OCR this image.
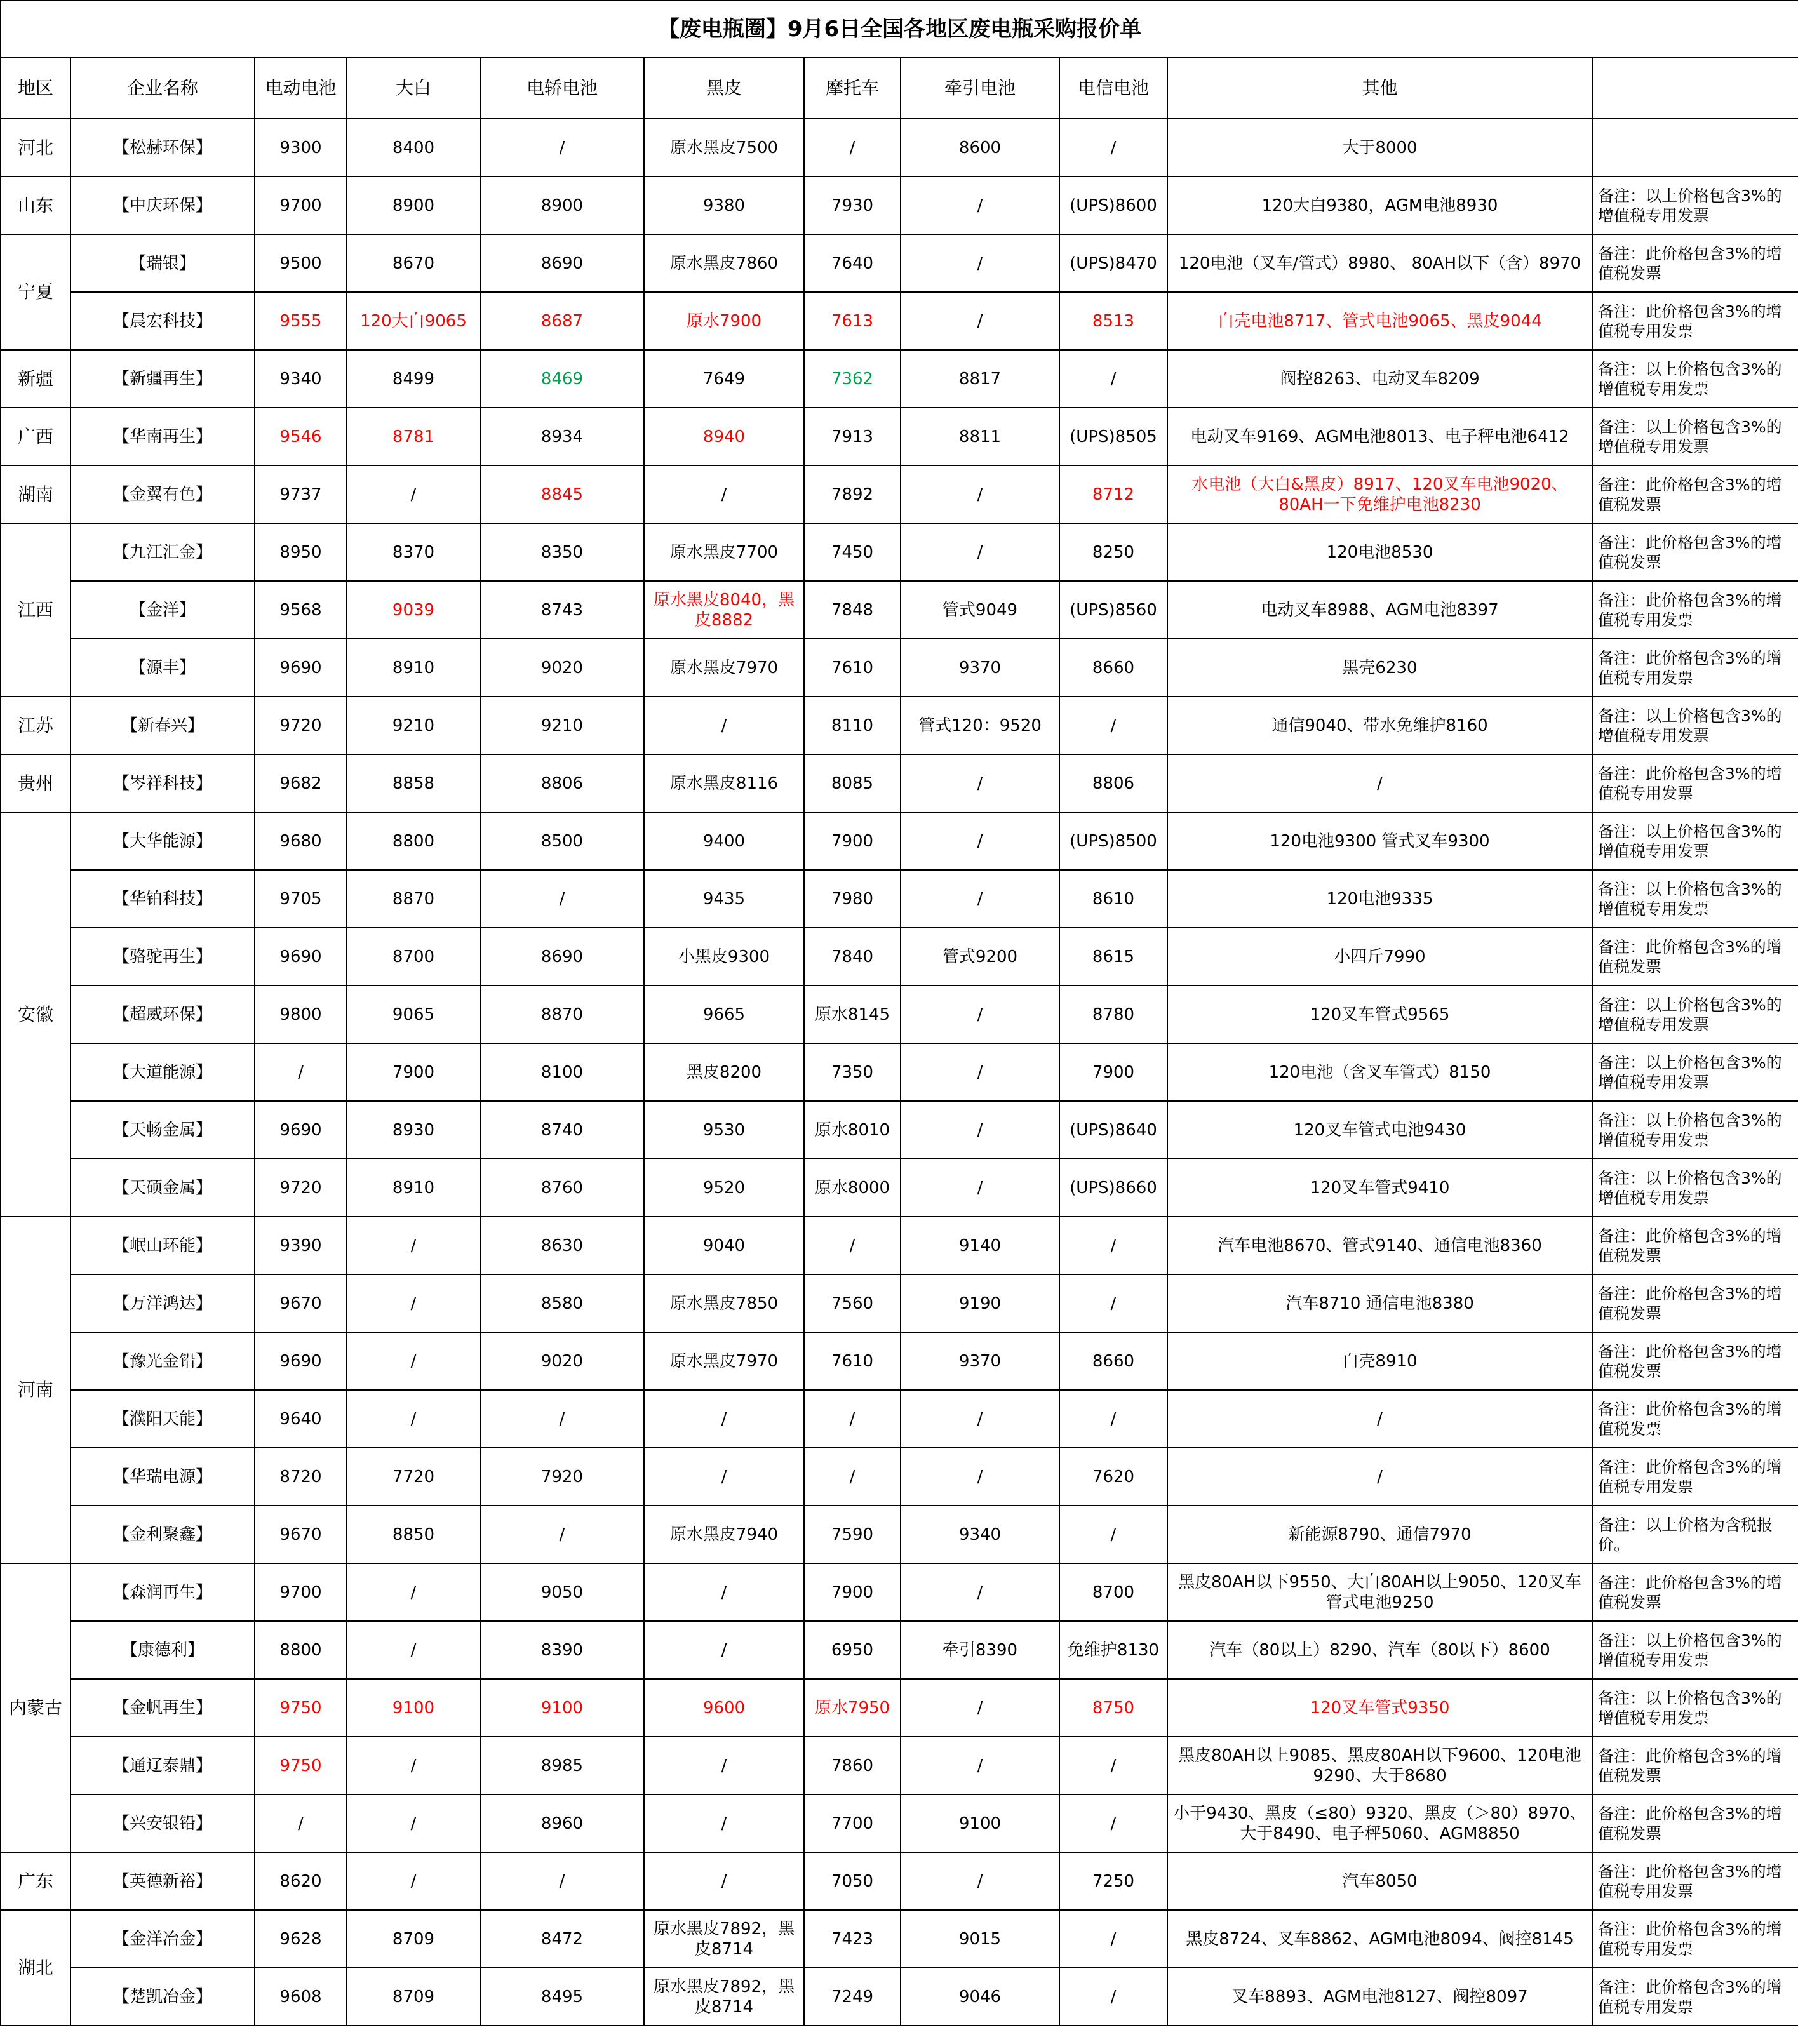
【废电瓶圈】9月6日全国各地区废电瓶采购报价单										
地区	企业名称	电动电池	大白	电轿电池	黑皮	摩托车	牵引电池	电信电池	其他	
河北	【松赫环保】	9300	8400	/	原水黑皮7500	/	8600	/	大于8000	
山东	【中庆环保】	9700	8900	8900	9380	7930	/	(UPS)8600	120大白9380，AGM电池8930	备注：以上价格包含3%的增值税专用发票
宁夏	【瑞银】	9500	8670	8690	原水黑皮7860	7640	/	(UPS)8470	120电池（叉车/管式）8980、 80AH以下（含）8970	备注：此价格包含3%的增值税发票
	【晨宏科技】	9555	120大白9065	8687	原水7900	7613	/	8513	白壳电池8717、管式电池9065、黑皮9044	备注：此价格包含3%的增值税专用发票
新疆	【新疆再生】	9340	8499	8469	7649	7362	8817	/	阀控8263、电动叉车8209	备注：以上价格包含3%的增值税专用发票
广西	【华南再生】	9546	8781	8934	8940	7913	8811	(UPS)8505	电动叉车9169、AGM电池8013、电子秤电池6412	备注：以上价格包含3%的增值税专用发票
湖南	【金翼有色】	9737	/	8845	/	7892	/	8712	水电池（大白&黑皮）8917、120叉车电池9020、80AH一下免维护电池8230	备注：此价格包含3%的增值税发票
江西	【九江汇金】	8950	8370	8350	原水黑皮7700	7450	/	8250	120电池8530	备注：此价格包含3%的增值税发票
	【金洋】	9568	9039	8743	原水黑皮8040，黑皮8882	7848	管式9049	(UPS)8560	电动叉车8988、AGM电池8397	备注：此价格包含3%的增值税专用发票
	【源丰】	9690	8910	9020	原水黑皮7970	7610	9370	8660	黑壳6230	备注：此价格包含3%的增值税专用发票
江苏	【新春兴】	9720	9210	9210	/	8110	管式120：9520	/	通信9040、带水免维护8160	备注：以上价格包含3%的增值税专用发票
贵州	【岑祥科技】	9682	8858	8806	原水黑皮8116	8085	/	8806	/	备注：此价格包含3%的增值税专用发票
安徽	【大华能源】	9680	8800	8500	9400	7900	/	(UPS)8500	120电池9300 管式叉车9300	备注：以上价格包含3%的增值税专用发票
	【华铂科技】	9705	8870	/	9435	7980	/	8610	120电池9335	备注：以上价格包含3%的增值税专用发票
	【骆驼再生】	9690	8700	8690	小黑皮9300	7840	管式9200	8615	小四斤7990	备注：此价格包含3%的增值税发票
	【超威环保】	9800	9065	8870	9665	原水8145	/	8780	120叉车管式9565	备注：以上价格包含3%的增值税专用发票
	【大道能源】	/	7900	8100	黑皮8200	7350	/	7900	120电池（含叉车管式）8150	备注：以上价格包含3%的增值税专用发票
	【天畅金属】	9690	8930	8740	9530	原水8010	/	(UPS)8640	120叉车管式电池9430	备注：以上价格包含3%的增值税专用发票
	【天硕金属】	9720	8910	8760	9520	原水8000	/	(UPS)8660	120叉车管式9410	备注：以上价格包含3%的增值税专用发票
河南	【岷山环能】	9390	/	8630	9040	/	9140	/	汽车电池8670、管式9140、通信电池8360	备注：此价格包含3%的增值税发票
	【万洋鸿达】	9670	/	8580	原水黑皮7850	7560	9190	/	汽车8710 通信电池8380	备注：此价格包含3%的增值税发票
	【豫光金铅】	9690	/	9020	原水黑皮7970	7610	9370	8660	白壳8910	备注：此价格包含3%的增值税发票
	【濮阳天能】	9640	/	/	/	/	/	/	/	备注：此价格包含3%的增值税发票
	【华瑞电源】	8720	7720	7920	/	/	/	7620	/	备注：此价格包含3%的增值税专用发票
	【金利聚鑫】	9670	8850	/	原水黑皮7940	7590	9340	/	新能源8790、通信7970	备注：以上价格为含税报价。
内蒙古	【森润再生】	9700	/	9050	/	7900	/	8700	黑皮80AH以下9550、大白80AH以上9050、120叉车管式电池9250	备注：此价格包含3%的增值税发票
	【康德利】	8800	/	8390	/	6950	牵引8390	免维护8130	汽车（80以上）8290、汽车（80以下）8600	备注：以上价格包含3%的增值税专用发票
	【金帆再生】	9750	9100	9100	9600	原水7950	/	8750	120叉车管式9350	备注：以上价格包含3%的增值税专用发票
	【通辽泰鼎】	9750	/	8985	/	7860	/	/	黑皮80AH以上9085、黑皮80AH以下9600、120电池9290、大于8680	备注：此价格包含3%的增值税发票
	【兴安银铅】	/	/	8960	/	7700	9100	/	小于9430、黑皮（≤80）9320、黑皮（＞80）8970、大于8490、电子秤5060、AGM8850	备注：此价格包含3%的增值税发票
广东	【英德新裕】	8620	/	/	/	7050	/	7250	汽车8050	备注：此价格包含3%的增值税专用发票
湖北	【金洋冶金】	9628	8709	8472	原水黑皮7892，黑皮8714	7423	9015	/	黑皮8724、叉车8862、AGM电池8094、阀控8145	备注：此价格包含3%的增值税专用发票
	【楚凯冶金】	9608	8709	8495	原水黑皮7892，黑皮8714	7249	9046	/	叉车8893、AGM电池8127、阀控8097	备注：此价格包含3%的增值税专用发票
